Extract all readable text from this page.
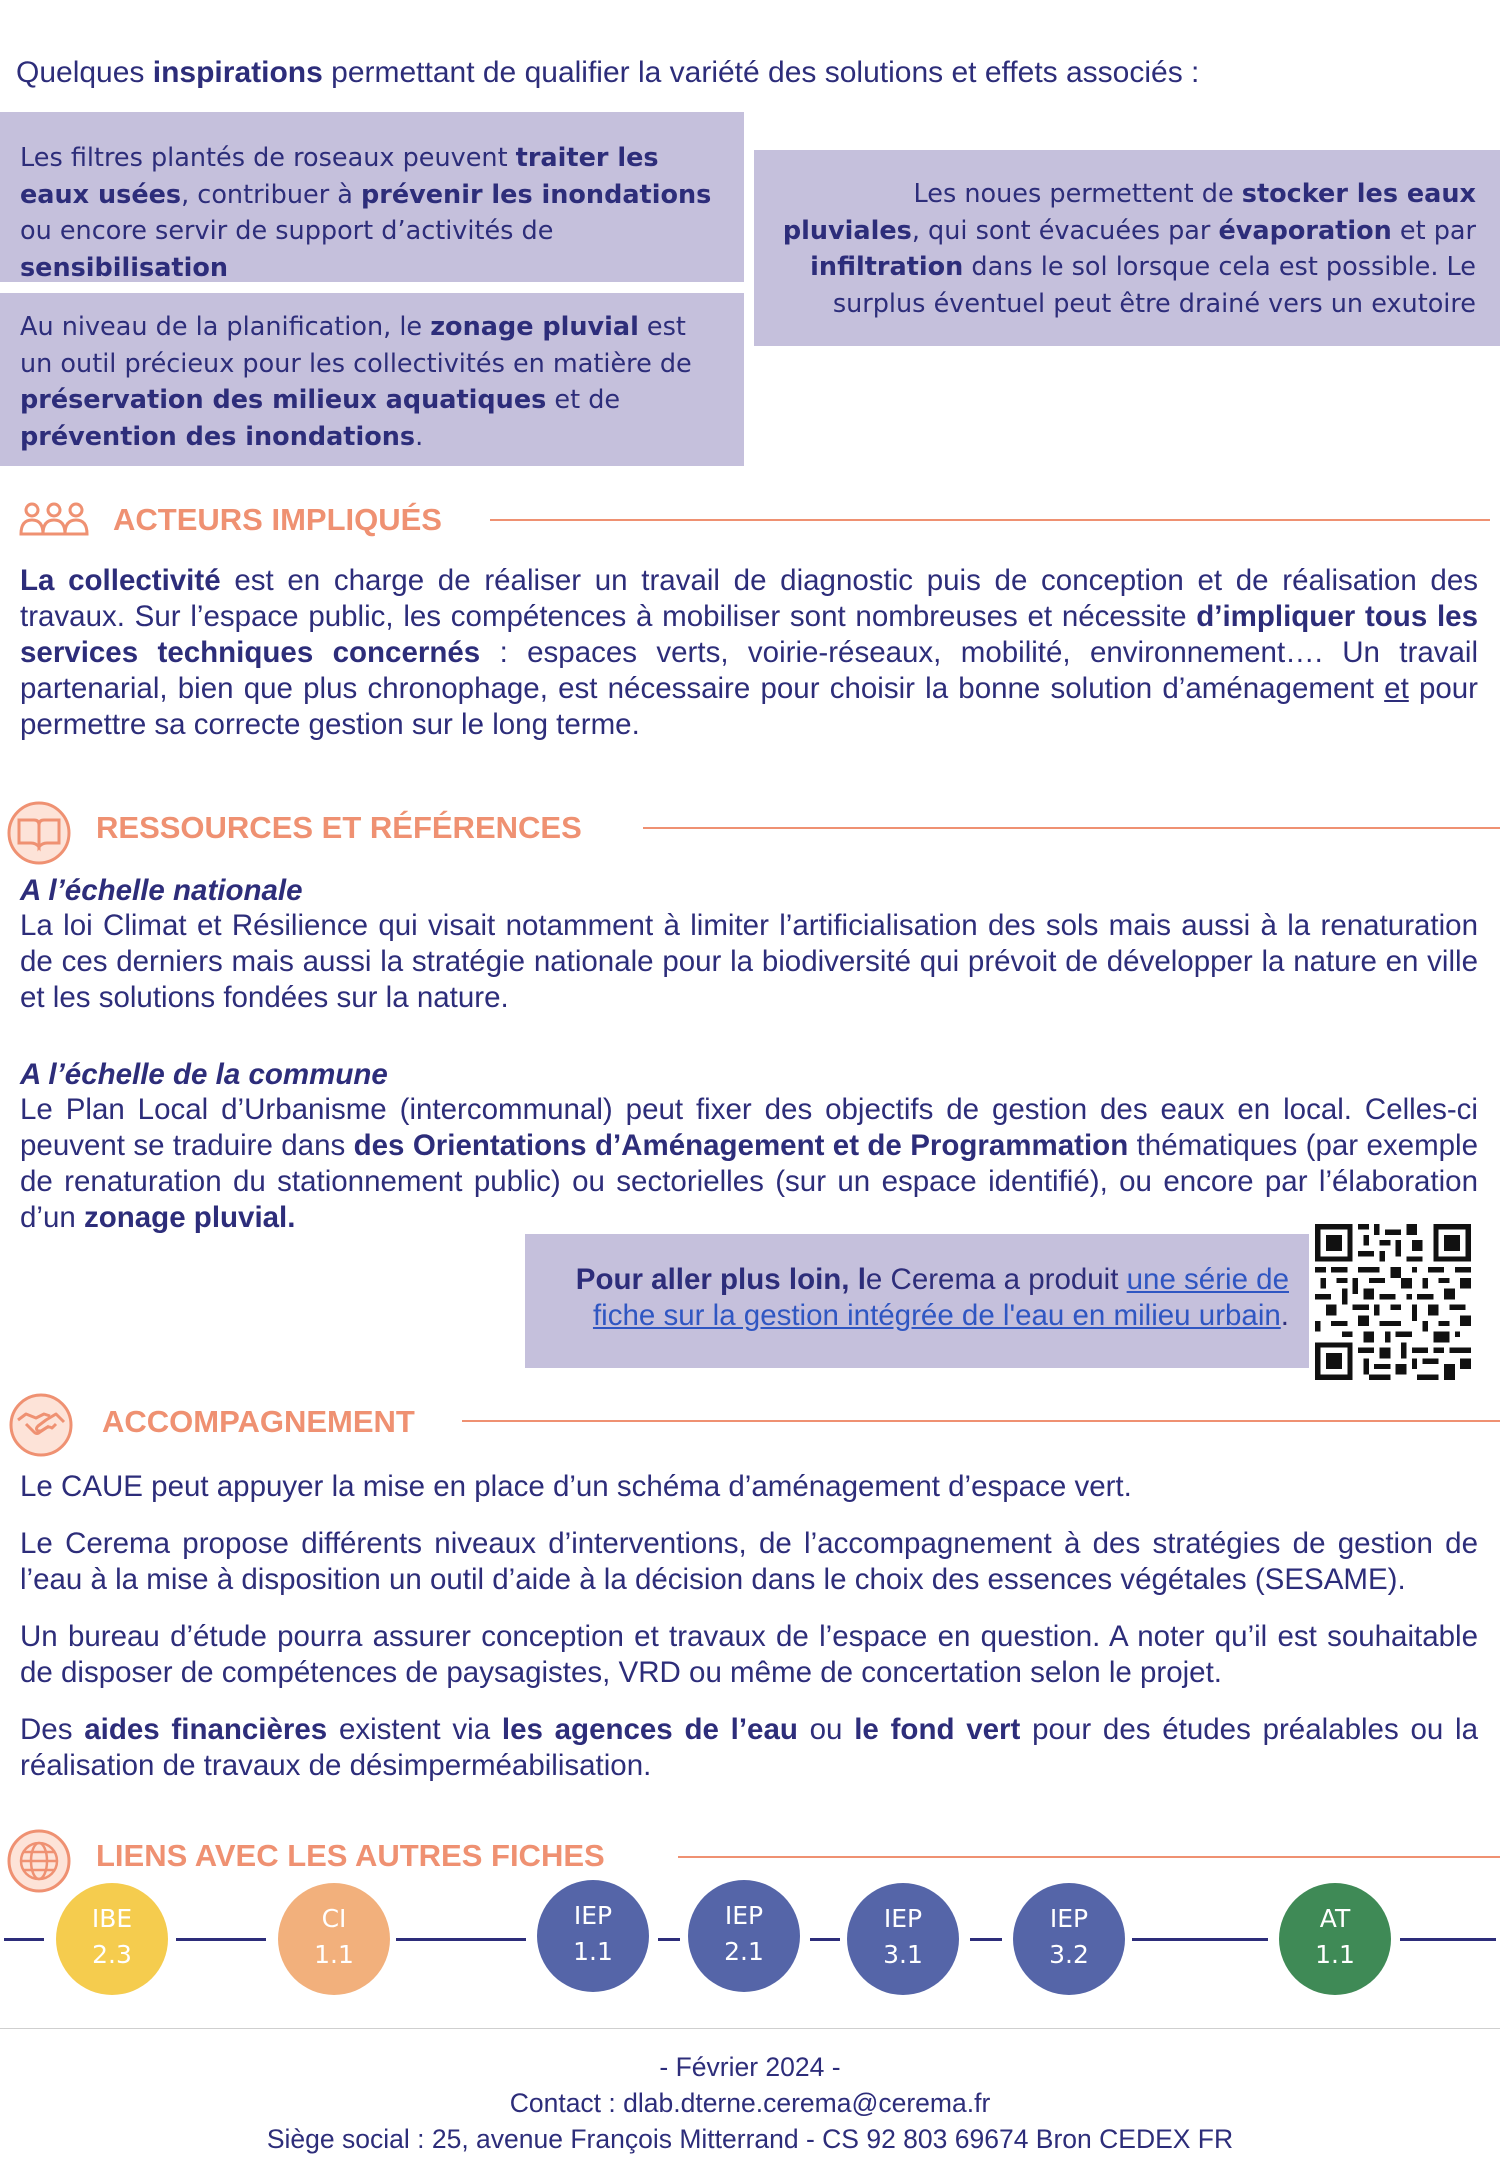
Quelques inspirations permettant de qualifier la variété des solutions et effets associés :
Les filtres plantés de roseaux peuvent traiter les eaux usées, contribuer à prévenir les inondations ou encore servir de support d’activités de sensibilisation
Au niveau de la planification, le zonage pluvial est un outil précieux pour les collectivités en matière de préservation des milieux aquatiques et de prévention des inondations.
Les noues permettent de stocker les eaux pluviales, qui sont évacuées par évaporation et par infiltration dans le sol lorsque cela est possible. Le surplus éventuel peut être drainé vers un exutoire
ACTEURS IMPLIQUÉS
La collectivité est en charge de réaliser un travail de diagnostic puis de conception et de réalisation des travaux. Sur l’espace public, les compétences à mobiliser sont nombreuses et nécessite d’impliquer tous les services techniques concernés : espaces verts, voirie-réseaux, mobilité, environnement…. Un travail partenarial, bien que plus chronophage, est nécessaire pour choisir la bonne solution d’aménagement et pour permettre sa correcte gestion sur le long terme.
RESSOURCES ET RÉFÉRENCES
A l’échelle nationale
La loi Climat et Résilience qui visait notamment à limiter l’artificialisation des sols mais aussi à la renaturation de ces derniers mais aussi la stratégie nationale pour la biodiversité qui prévoit de développer la nature en ville et les solutions fondées sur la nature.
A l’échelle de la commune
Le Plan Local d’Urbanisme (intercommunal) peut fixer des objectifs de gestion des eaux en local. Celles-ci peuvent se traduire dans des Orientations d’Aménagement et de Programmation thématiques (par exemple de renaturation du stationnement public) ou sectorielles (sur un espace identifié), ou encore par l’élaboration d’un zonage pluvial.
Pour aller plus loin, le Cerema a produit une série de fiche sur la gestion intégrée de l'eau en milieu urbain.
ACCOMPAGNEMENT
Le CAUE peut appuyer la mise en place d’un schéma d’aménagement d’espace vert.
Le Cerema propose différents niveaux d’interventions, de l’accompagnement à des stratégies de gestion de l’eau à la mise à disposition un outil d’aide à la décision dans le choix des essences végétales (SESAME).
Un bureau d’étude pourra assurer conception et travaux de l’espace en question. A noter qu’il est souhaitable de disposer de compétences de paysagistes, VRD ou même de concertation selon le projet.
Des aides financières existent via les agences de l’eau ou le fond vert pour des études préalables ou la réalisation de travaux de désimperméabilisation.
LIENS AVEC LES AUTRES FICHES
IBE
2.3
CI
1.1
IEP
1.1
IEP
2.1
IEP
3.1
IEP
3.2
AT
1.1
- Février 2024 -
Contact : dlab.dterne.cerema@cerema.fr
Siège social : 25, avenue François Mitterrand - CS 92 803 69674 Bron CEDEX FR
